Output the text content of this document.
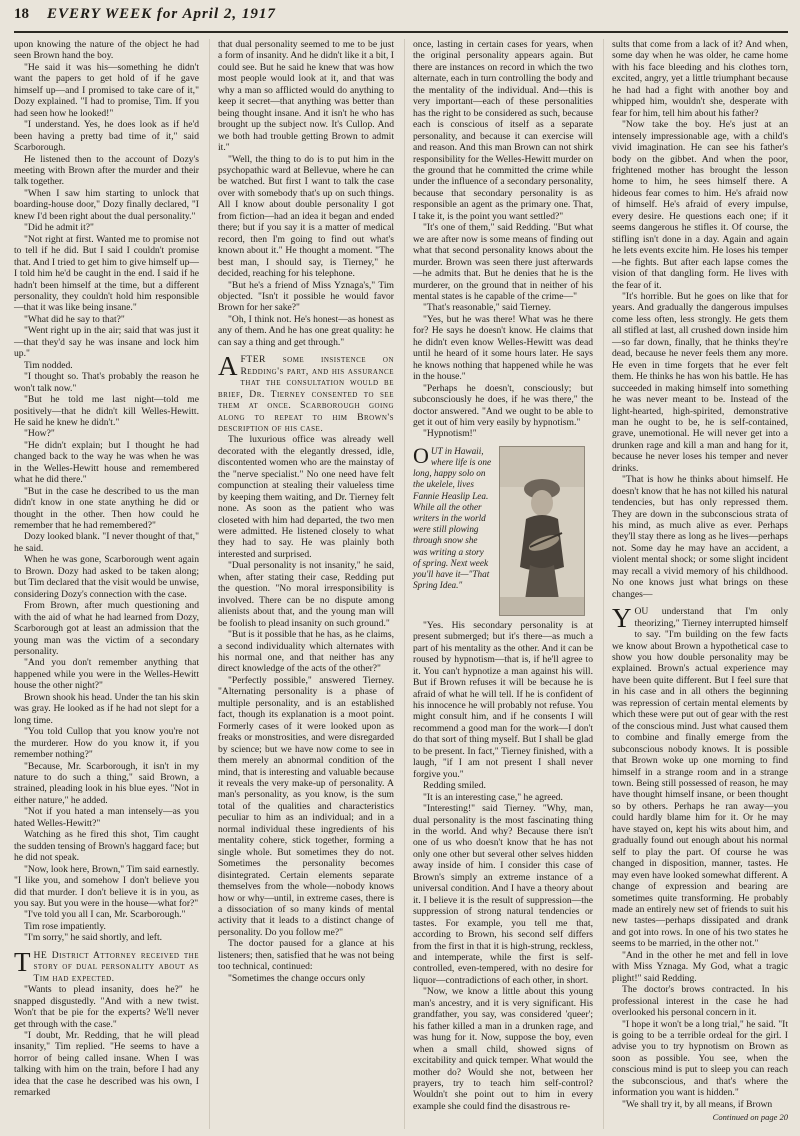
18 EVERY WEEK for April 2, 1917

upon knowing the nature of the object he had seen Brown hand the boy.

"He said it was his—something he didn't want the papers to get hold of if he gave himself up—and I promised to take care of it," Dozy explained. "I had to promise, Tim. If you had seen how he looked!"

"I understand. Yes, he does look as if he'd been having a pretty bad time of it," said Scarborough.

He listened then to the account of Dozy's meeting with Brown after the murder and their talk together.

"When I saw him starting to unlock that boarding-house door," Dozy finally declared, "I knew I'd been right about the dual personality."

"Did he admit it?"

"Not right at first. Wanted me to promise not to tell if he did. But I said I couldn't promise that. And I tried to get him to give himself up—I told him he'd be caught in the end. I said if he hadn't been himself at the time, but a different personality, they couldn't hold him responsible—that it was like being insane."

"What did he say to that?"

"Went right up in the air; said that was just it—that they'd say he was insane and lock him up."

Tim nodded.

"I thought so. That's probably the reason he won't talk now."

"But he told me last night—told me positively—that he didn't kill Welles-Hewitt. He said he knew he didn't."

"How?"

"He didn't explain; but I thought he had changed back to the way he was when he was in the Welles-Hewitt house and remembered what he did there."

"But in the case he described to us the man didn't know in one state anything he did or thought in the other. Then how could he remember that he had remembered?"

Dozy looked blank. "I never thought of that," he said.

When he was gone, Scarborough went again to Brown. Dozy had asked to be taken along; but Tim declared that the visit would be unwise, considering Dozy's connection with the case.

From Brown, after much questioning and with the aid of what he had learned from Dozy, Scarborough got at least an admission that the young man was the victim of a secondary personality.

"And you don't remember anything that happened while you were in the Welles-Hewitt house the other night?"

Brown shook his head. Under the tan his skin was gray. He looked as if he had not slept for a long time.

"You told Cullop that you know you're not the murderer. How do you know it, if you remember nothing?"

"Because, Mr. Scarborough, it isn't in my nature to do such a thing," said Brown, a strained, pleading look in his blue eyes. "Not in either nature," he added.

"Not if you hated a man intensely—as you hated Welles-Hewitt?"

Watching as he fired this shot, Tim caught the sudden tensing of Brown's haggard face; but he did not speak.

"Now, look here, Brown," Tim said earnestly. "I like you, and somehow I don't believe you did that murder. I don't believe it is in you, as you say. But you were in the house—what for?"

"I've told you all I can, Mr. Scarborough."

Tim rose impatiently.

"I'm sorry," he said shortly, and left.

THE District Attorney received the story of dual personality about as Tim had expected.

"Wants to plead insanity, does he?" he snapped disgustedly. "And with a new twist. Won't that be pie for the experts? We'll never get through with the case."

"I doubt, Mr. Redding, that he will plead insanity," Tim replied. "He seems to have a horror of being called insane. When I was talking with him on the train, before I had any idea that the case he described was his own, I remarked

that dual personality seemed to me to be just a form of insanity. And he didn't like it a bit, I could see. But he said he knew that was how most people would look at it, and that was why a man so afflicted would do anything to keep it secret—that anything was better than being thought insane. And it isn't he who has brought up the subject now. It's Cullop. And we both had trouble getting Brown to admit it."

"Well, the thing to do is to put him in the psychopathic ward at Bellevue, where he can be watched. But first I want to talk the case over with somebody that's up on such things. All I know about double personality I got from fiction—had an idea it began and ended there; but if you say it is a matter of medical record, then I'm going to find out what's known about it." He thought a moment. "The best man, I should say, is Tierney," he decided, reaching for his telephone.

"But he's a friend of Miss Yznaga's," Tim objected. "Isn't it possible he would favor Brown for her sake?"

"Oh, I think not. He's honest—as honest as any of them. And he has one great quality: he can say a thing and get through."

AFTER some insistence on Redding's part, and his assurance that the consultation would be brief, Dr. Tierney consented to see them at once. Scarborough going along to repeat to him Brown's description of his case.

The luxurious office was already well decorated with the elegantly dressed, idle, discontented women who are the mainstay of the "nerve specialist." No one need have felt compunction at stealing their valueless time by keeping them waiting, and Dr. Tierney felt none. As soon as the patient who was closeted with him had departed, the two men were admitted. He listened closely to what they had to say. He was plainly both interested and surprised.

"Dual personality is not insanity," he said, when, after stating their case, Redding put the question. "No moral irresponsibility is involved. There can be no dispute among alienists about that, and the young man will be foolish to plead insanity on such ground."

"But is it possible that he has, as he claims, a second individuality which alternates with his normal one, and that neither has any direct knowledge of the acts of the other?"

"Perfectly possible," answered Tierney. "Alternating personality is a phase of multiple personality, and is an established fact, though its explanation is a moot point. Formerly cases of it were looked upon as freaks or monstrosities, and were disregarded by science; but we have now come to see in them merely an abnormal condition of the mind, that is interesting and valuable because it reveals the very make-up of personality. A man's personality, as you know, is the sum total of the qualities and characteristics peculiar to him as an individual; and in a normal individual these ingredients of his mentality cohere, stick together, forming a single whole. But sometimes they do not. Sometimes the personality becomes disintegrated. Certain elements separate themselves from the whole—nobody knows how or why—until, in extreme cases, there is a dissociation of so many kinds of mental activity that it leads to a distinct change of personality. Do you follow me?"

The doctor paused for a glance at his listeners; then, satisfied that he was not being too technical, continued:

"Sometimes the change occurs only

once, lasting in certain cases for years, when the original personality appears again. But there are instances on record in which the two alternate, each in turn controlling the body and the mentality of the individual. And—this is very important—each of these personalities has the right to be considered as such, because each is conscious of itself as a separate personality, and because it can exercise will and reason. And this man Brown can not shirk responsibility for the Welles-Hewitt murder on the ground that he committed the crime while under the influence of a secondary personality, because that secondary personality is as responsible an agent as the primary one. That, I take it, is the point you want settled?"

"It's one of them," said Redding. "But what we are after now is some means of finding out what that second personality knows about the murder. Brown was seen there just afterwards—he admits that. But he denies that he is the murderer, on the ground that in neither of his mental states is he capable of the crime—"

"That's reasonable," said Tierney.

"Yes, but he was there! What was he there for? He says he doesn't know. He claims that he didn't even know Welles-Hewitt was dead until he heard of it some hours later. He says he knows nothing that happened while he was in the house."

"Perhaps he doesn't, consciously; but subconsciously he does, if he was there," the doctor answered. "And we ought to be able to get it out of him very easily by hypnotism."

"Hypnotism!"

OUT in Hawaii, where life is one long, happy solo on the ukelele, lives Fannie Heaslip Lea. While all the other writers in the world were still plowing through snow she was writing a story of spring. Next week you'll have it—"That Spring Idea."

"Yes. His secondary personality is at present submerged; but it's there—as much a part of his mentality as the other. And it can be roused by hypnotism—that is, if he'll agree to it. You can't hypnotize a man against his will. But if Brown refuses it will be because he is afraid of what he will tell. If he is confident of his innocence he will probably not refuse. You might consult him, and if he consents I will recommend a good man for the work—I don't do that sort of thing myself. But I shall be glad to be present. In fact," Tierney finished, with a laugh, "if I am not present I shall never forgive you."

Redding smiled.

"It is an interesting case," he agreed.

"Interesting!" said Tierney. "Why, man, dual personality is the most fascinating thing in the world. And why? Because there isn't one of us who doesn't know that he has not only one other but several other selves hidden away inside of him. I consider this case of Brown's simply an extreme instance of a universal condition. And I have a theory about it. I believe it is the result of suppression—the suppression of strong natural tendencies or tastes. For example, you tell me that, according to Brown, his second self differs from the first in that it is high-strung, reckless, and intemperate, while the first is self-controlled, even-tempered, with no desire for liquor—contradictions of each other, in short.

"Now, we know a little about this young man's ancestry, and it is very significant. His grandfather, you say, was considered 'queer'; his father killed a man in a drunken rage, and was hung for it. Now, suppose the boy, even when a small child, showed signs of excitability and quick temper. What would the mother do? Would she not, between her prayers, try to teach him self-control? Wouldn't she point out to him in every example she could find the disastrous re-

sults that come from a lack of it? And when, some day when he was older, he came home with his face bleeding and his clothes torn, excited, angry, yet a little triumphant because he had had a fight with another boy and whipped him, wouldn't she, desperate with fear for him, tell him about his father?

"Now take the boy. He's just at an intensely impressionable age, with a child's vivid imagination. He can see his father's body on the gibbet. And when the poor, frightened mother has brought the lesson home to him, he sees himself there. A hideous fear comes to him. He's afraid now of himself. He's afraid of every impulse, every desire. He questions each one; if it seems dangerous he stifles it. Of course, the stifling isn't done in a day. Again and again he lets events excite him. He loses his temper—he fights. But after each lapse comes the vision of that dangling form. He lives with the fear of it.

"It's horrible. But he goes on like that for years. And gradually the dangerous impulses come less often, less strongly. He gets them all stifled at last, all crushed down inside him—so far down, finally, that he thinks they're dead, because he never feels them any more. He even in time forgets that he ever felt them. He thinks he has won his battle. He has succeeded in making himself into something he was never meant to be. Instead of the light-hearted, high-spirited, demonstrative man he ought to be, he is self-contained, grave, unemotional. He will never get into a drunken rage and kill a man and hang for it, because he never loses his temper and never drinks.

"That is how he thinks about himself. He doesn't know that he has not killed his natural tendencies, but has only repressed them. They are down in the subconscious strata of his mind, as much alive as ever. Perhaps they'll stay there as long as he lives—perhaps not. Some day he may have an accident, a violent mental shock; or some slight incident may recall a vivid memory of his childhood. No one knows just what brings on these changes—

YOU understand that I'm only theorizing," Tierney interrupted himself to say. "I'm building on the few facts we know about Brown a hypothetical case to show you how double personality may be explained. Brown's actual experience may have been quite different. But I feel sure that in his case and in all others the beginning was repression of certain mental elements by which these were put out of gear with the rest of the conscious mind. Just what caused them to combine and finally emerge from the subconscious nobody knows. It is possible that Brown woke up one morning to find himself in a strange room and in a strange town. Being still possessed of reason, he may have thought himself insane, or been thought so by others. Perhaps he ran away—you could hardly blame him for it. Or he may have stayed on, kept his wits about him, and gradually found out enough about his normal self to play the part. Of course he was changed in disposition, manner, tastes. He may even have looked somewhat different. A change of expression and bearing are sometimes quite transforming. He probably made an entirely new set of friends to suit his new tastes—perhaps dissipated and drank and got into rows. In one of his two states he seems to be married, in the other not."

"And in the other he met and fell in love with Miss Yznaga. My God, what a tragic plight!" said Redding.

The doctor's brows contracted. In his professional interest in the case he had overlooked his personal concern in it.

"I hope it won't be a long trial," he said. "It is going to be a terrible ordeal for the girl. I advise you to try hypnotism on Brown as soon as possible. You see, when the conscious mind is put to sleep you can reach the subconscious, and that's where the information you want is hidden."

"We shall try it, by all means, if Brown

Continued on page 20
